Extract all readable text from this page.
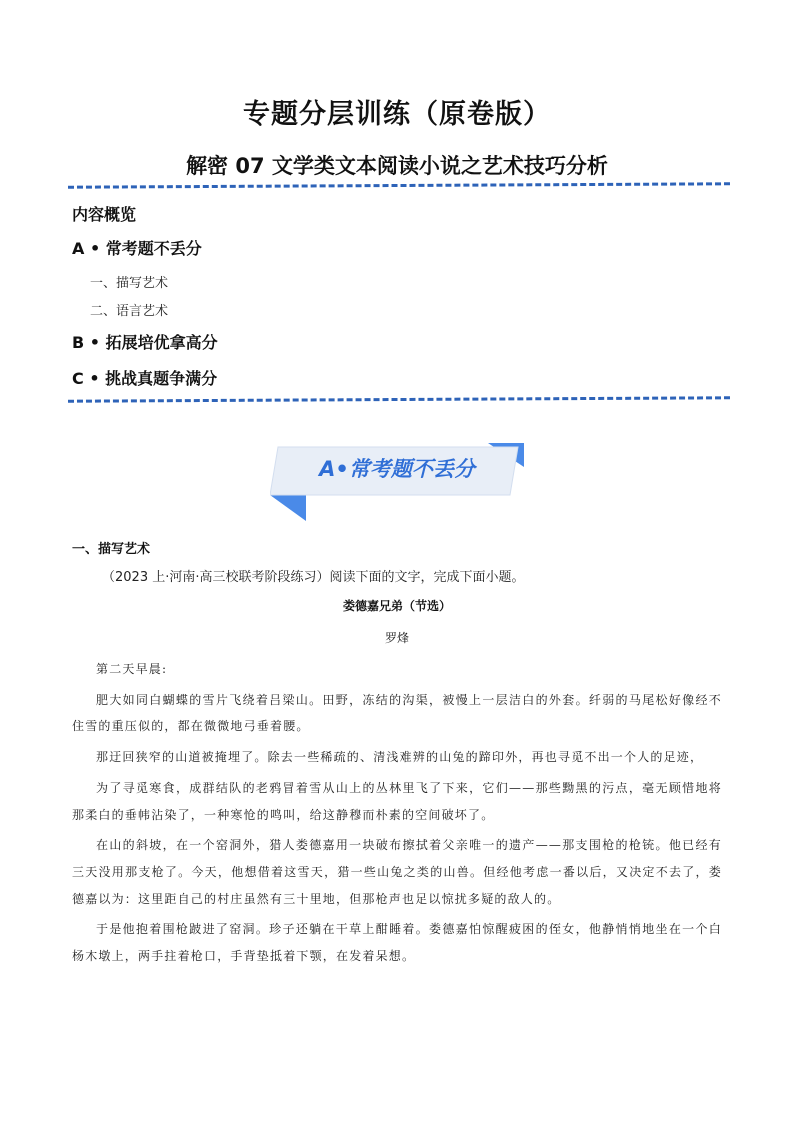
专题分层训练（原卷版）
解密 07 文学类文本阅读小说之艺术技巧分析
内容概览
A • 常考题不丢分
一、描写艺术
二、语言艺术
B • 拓展培优拿高分
C • 挑战真题争满分
A•常考题不丢分
一、描写艺术
（2023 上·河南·高三校联考阶段练习）阅读下面的文字，完成下面小题。
娄德嘉兄弟（节选）
罗烽

第二天早晨:

肥大如同白蝴蝶的雪片飞绕着吕梁山。田野，冻结的沟渠，被慢上一层洁白的外套。纤弱的马尾松好像经不住雪的重压似的，都在微微地弓垂着腰。

那迂回狭窄的山道被掩埋了。除去一些稀疏的、清浅难辨的山兔的蹄印外，再也寻觅不出一个人的足迹，

为了寻觅寒食，成群结队的老鸦冒着雪从山上的丛林里飞了下来，它们——那些黝黑的污点，毫无顾惜地将那柔白的垂帏沾染了，一种寒怆的鸣叫，给这静穆而朴素的空间破坏了。

在山的斜坡，在一个窑洞外，猎人娄德嘉用一块破布擦拭着父亲唯一的遗产——那支围枪的枪铳。他已经有三天没用那支枪了。今天，他想借着这雪天，猎一些山兔之类的山兽。但经他考虑一番以后，又决定不去了，娄德嘉以为：这里距自己的村庄虽然有三十里地，但那枪声也足以惊扰多疑的敌人的。

于是他抱着围枪跛进了窑洞。珍子还躺在干草上酣睡着。娄德嘉怕惊醒疲困的侄女，他静悄悄地坐在一个白杨木墩上，两手拄着枪口，手背垫抵着下颚，在发着呆想。
